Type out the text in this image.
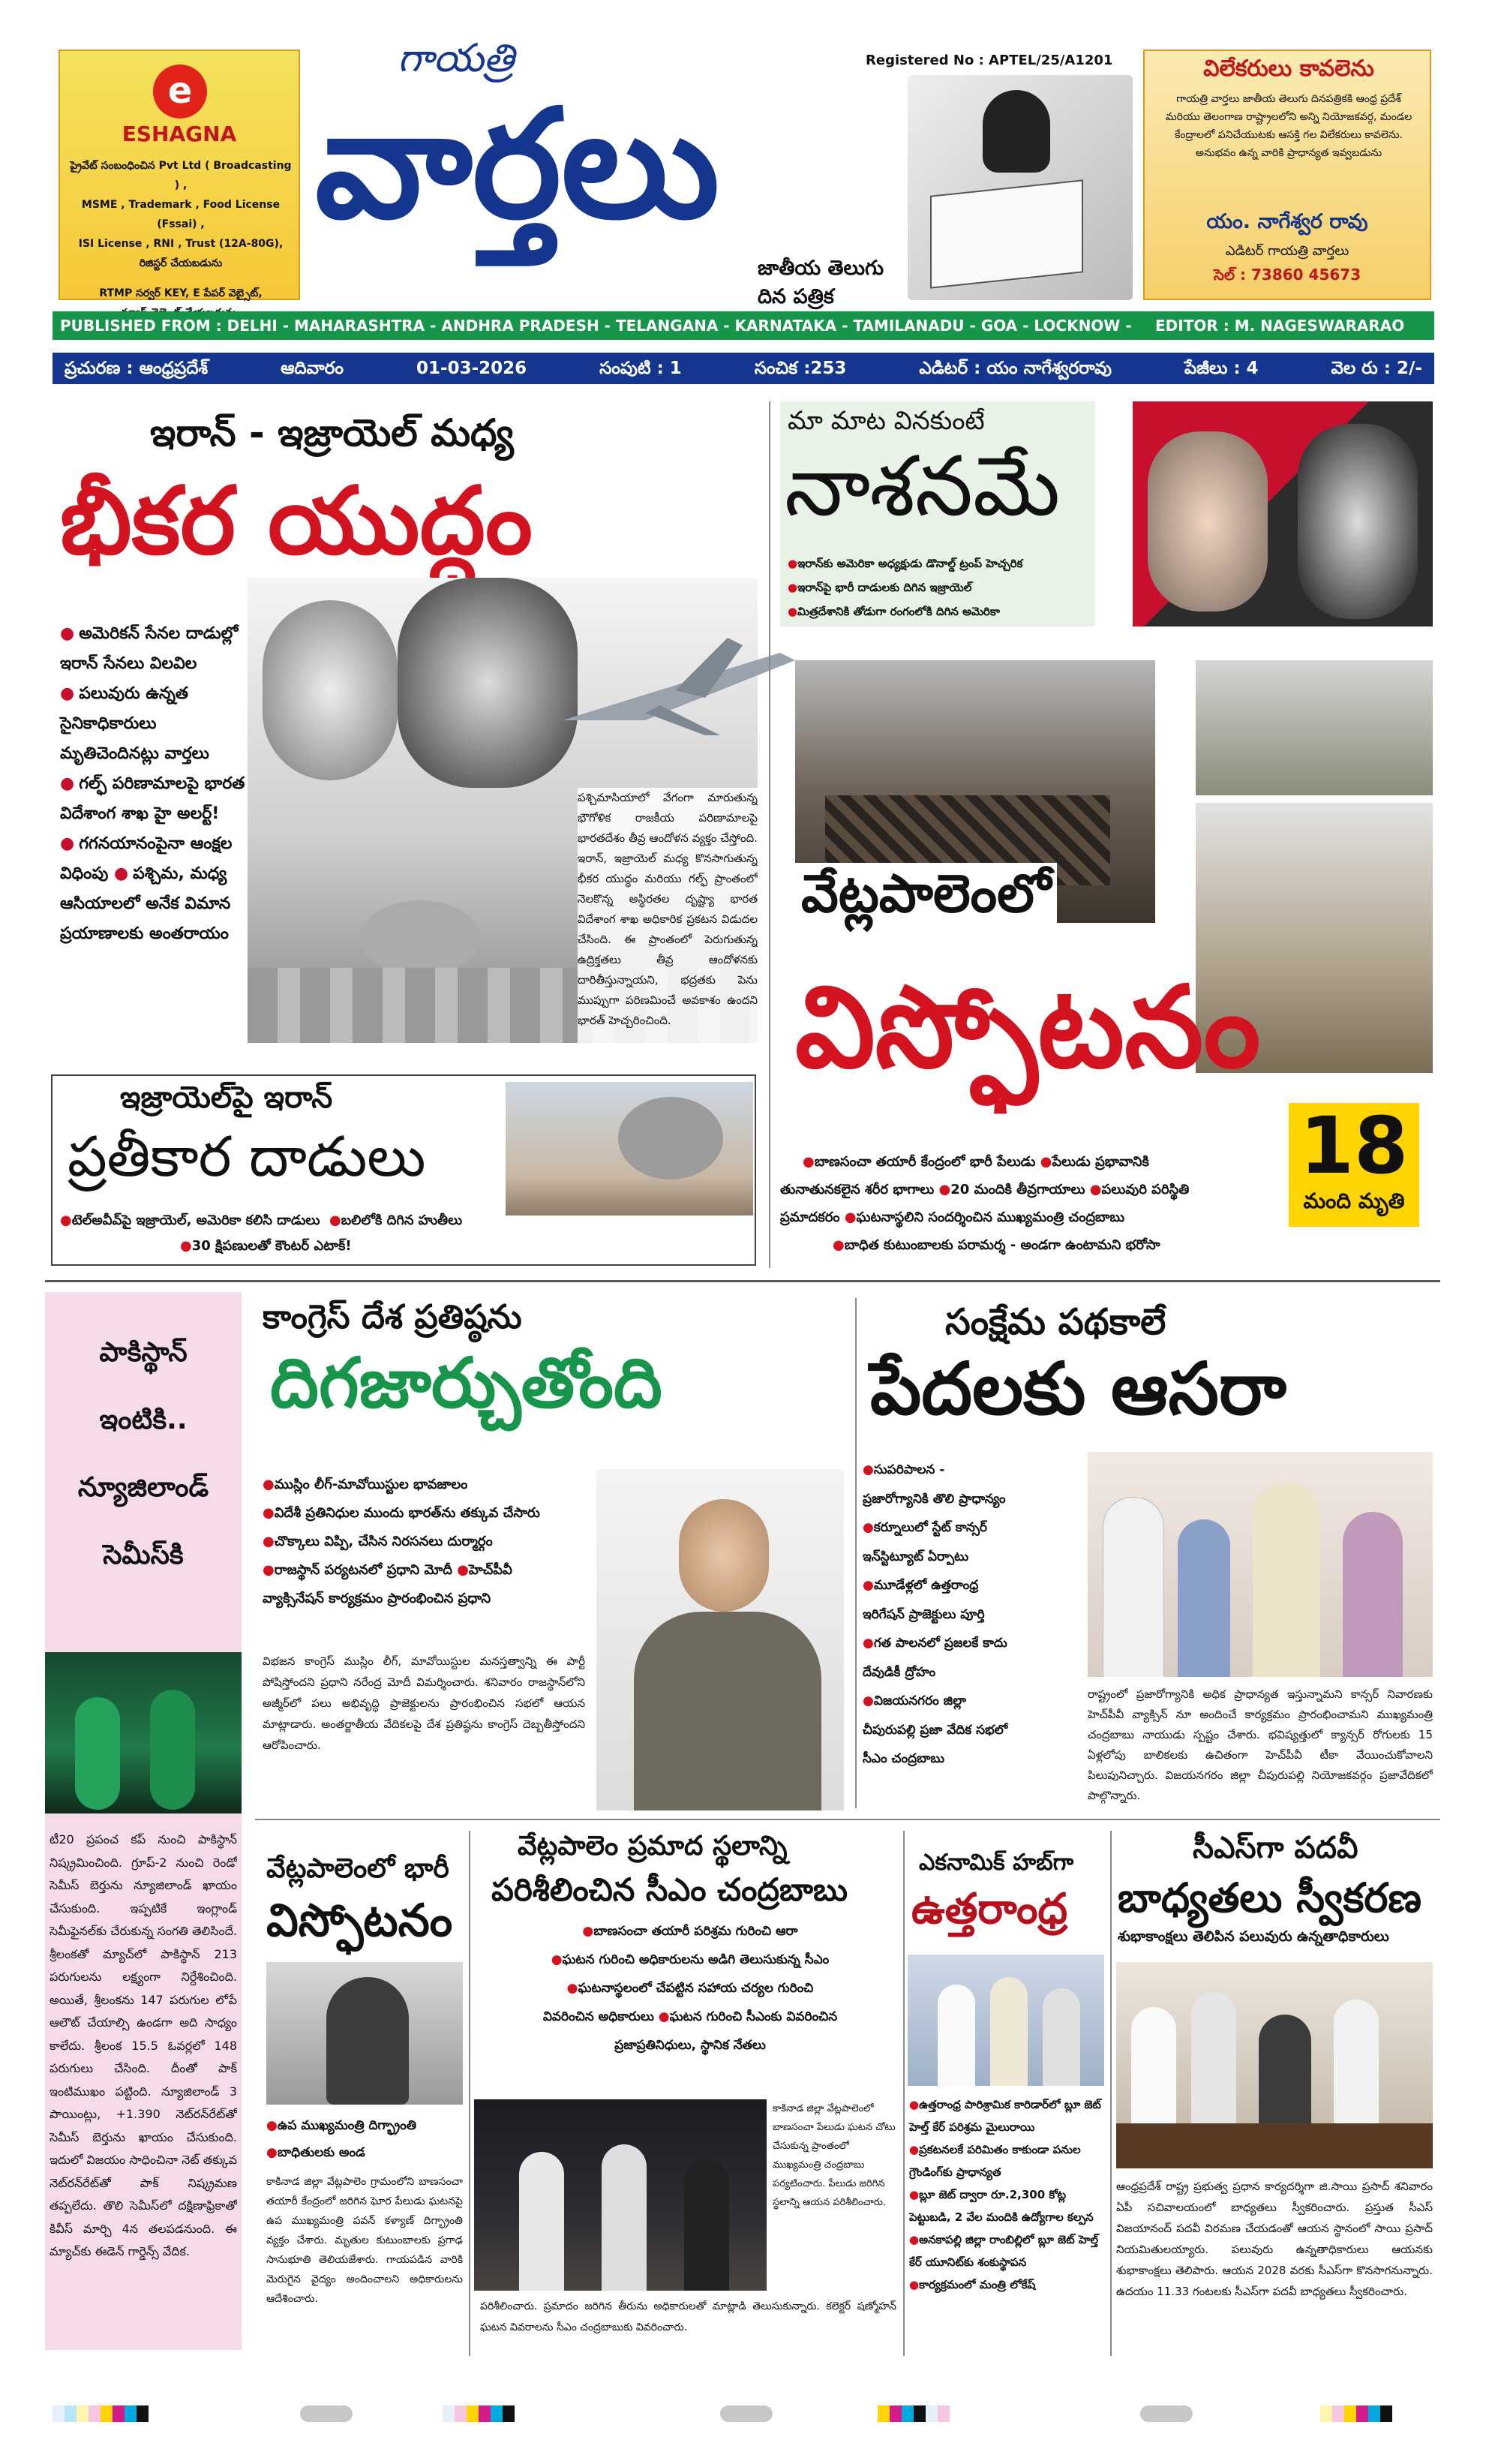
e
ESHAGNA
ప్రైవేట్ సంబంధించిన Pvt Ltd ( Broadcasting ) ,
MSME , Trademark , Food License (Fssai) ,
ISI License , RNI , Trust (12A-80G),
రిజిస్టర్ చేయబడును
RTMP సర్వర్ KEY, E పేపర్ వెబ్సైట్,
గాయత్రి
వార్తలు
జాతీయ తెలుగు దిన పత్రిక
Registered No : APTEL/25/A1201	విలేకరులు కావలెను
గాయత్రి వార్తలు జాతీయ తెలుగు దినపత్రికకి ఆంధ్ర ప్రదేశ్
మరియు తెలంగాణ రాష్ట్రాలలోని అన్ని నియోజకవర్గ, మండల
కేంద్రాలలో పనిచేయుటకు ఆసక్తి గల విలేకరులు కావలెను.
అనుభవం ఉన్న వారికి ప్రాధాన్యత ఇవ్వబడును
యం. నాగేశ్వర రావు
ఎడిటర్ గాయత్రి వార్తలు
సెల్ : 73860 45673
PUBLISHED FROM : DELHI - MAHARASHTRA - ANDHRA PRADESH - TELANGANA - KARNATAKA - TAMILANADU - GOA - LOCKNOW - EDITOR : M. NAGESWARARAO
ప్రచురణ : ఆంధ్రప్రదేశ్	ఆదివారం	01-03-2026	సంపుటి : 1	సంచిక :253	ఎడిటర్ : యం నాగేశ్వరరావు	పేజీలు : 4	వెల రు : 2/-
ఇరాన్ - ఇజ్రాయెల్ మధ్య
భీకర యుద్ధం
● అమెరికన్ సేనల దాడుల్లో
ఇరాన్ సేనలు విలవిల
● పలువురు ఉన్నత
సైనికాధికారులు
మృతిచెందినట్లు వార్తలు
● గల్ఫ్ పరిణామాలపై భారత
విదేశాంగ శాఖ హై అలర్ట్!
● గగనయానంపైనా ఆంక్షల
విధింపు ● పశ్చిమ, మధ్య
ఆసియాలలో అనేక విమాన
ప్రయాణాలకు అంతరాయం
పశ్చిమాసియాలో వేగంగా మారుతున్న భౌగోళిక రాజకీయ పరిణామాలపై భారతదేశం తీవ్ర ఆందోళన వ్యక్తం చేస్తోంది. ఇరాన్, ఇజ్రాయెల్ మధ్య కొనసాగుతున్న భీకర యుద్ధం మరియు గల్ఫ్ ప్రాంతంలో నెలకొన్న అస్థిరతల దృష్ట్యా భారత విదేశాంగ శాఖ అధికారిక ప్రకటన విడుదల చేసింది. ఈ ప్రాంతంలో పెరుగుతున్న ఉద్రిక్తతలు తీవ్ర ఆందోళనకు దారితీస్తున్నాయని, భద్రతకు పెను ముప్పుగా పరిణమించే అవకాశం ఉందని భారత్ హెచ్చరించింది.
ఇజ్రాయెల్‌పై ఇరాన్
ప్రతీకార దాడులు
●టెల్‌అవీవ్‌పై ఇజ్రాయెల్, అమెరికా కలిసి దాడులు ●బలిలోకి దిగిన హుతీలు
●30 క్షిపణులతో కౌంటర్ ఎటాక్!
మా మాట వినకుంటే
నాశనమే
●ఇరాన్‌కు అమెరికా అధ్యక్షుడు డొనాల్డ్ ట్రంప్ హెచ్చరిక
●ఇరాన్‌పై భారీ దాడులకు దిగిన ఇజ్రాయెల్
●మిత్రదేశానికి తోడుగా రంగంలోకి దిగిన అమెరికా
వేట్లపాలెంలో
విస్ఫోటనం
18
మంది మృతి
●బాణసంచా తయారీ కేంద్రంలో భారీ పేలుడు ●పేలుడు ప్రభావానికి
తునాతునకలైన శరీర భాగాలు ●20 మందికి తీవ్రగాయాలు ●పలువురి పరిస్థితి
ప్రమాదకరం ●ఘటనాస్థలిని సందర్శించిన ముఖ్యమంత్రి చంద్రబాబు
●బాధిత కుటుంబాలకు పరామర్శ - అండగా ఉంటామని భరోసా
పాకిస్థాన్
ఇంటికి..
న్యూజిలాండ్
సెమీస్‌కి
టీ20 ప్రపంచ కప్ నుంచి పాకిస్థాన్ నిష్క్రమించింది. గ్రూప్-2 నుంచి రెండో సెమీస్ బెర్తును న్యూజిలాండ్ ఖాయం చేసుకుంది. ఇప్పటికే ఇంగ్లాండ్ సెమీఫైనల్‌కు చేరుకున్న సంగతి తెలిసిందే. శ్రీలంకతో మ్యాచ్‌లో పాకిస్థాన్ 213 పరుగులను లక్ష్యంగా నిర్దేశించింది. అయితే, శ్రీలంకను 147 పరుగుల లోపే ఆలౌట్ చేయాల్సి ఉండగా అది సాధ్యం కాలేదు. శ్రీలంక 15.5 ఓవర్లలో 148 పరుగులు చేసింది. దీంతో పాక్ ఇంటిముఖం పట్టింది. న్యూజిలాండ్ 3 పాయింట్లు, +1.390 నెట్‌రన్‌రేట్‌తో సెమీస్ బెర్తును ఖాయం చేసుకుంది. ఇదులో విజయం సాధించినా నెట్ తక్కువ నెట్‌రన్‌రేట్‌తో పాక్ నిష్క్రమణ తప్పలేదు. తొలి సెమీస్‌లో దక్షిణాఫ్రికాతో కివీస్ మార్చి 4న తలపడనుంది. ఈ మ్యాచ్‌కు ఈడెన్ గార్డెన్స్ వేదిక.
కాంగ్రెస్ దేశ ప్రతిష్ఠను
దిగజార్చుతోంది
●ముస్లిం లీగ్-మావోయిస్టుల భావజాలం
●విదేశీ ప్రతినిధుల ముందు భారత్‌ను తక్కువ చేసారు
●చొక్కాలు విప్పి, చేసిన నిరసనలు దుర్మార్గం
●రాజస్థాన్ పర్యటనలో ప్రధాని మోదీ ●హెచ్‌పీవీ
వ్యాక్సినేషన్ కార్యక్రమం ప్రారంభించిన ప్రధాని
విభజన కాంగ్రెస్ ముస్లిం లీగ్, మావోయిస్టుల మనస్తత్వాన్ని ఈ పార్టీ పోషిస్తోందని ప్రధాని నరేంద్ర మోదీ విమర్శించారు. శనివారం రాజస్థాన్‌లోని అజ్మీర్‌లో పలు అభివృద్ధి ప్రాజెక్టులను ప్రారంభించిన సభలో ఆయన మాట్లాడారు. అంతర్జాతీయ వేదికలపై దేశ ప్రతిష్ఠను కాంగ్రెస్ దెబ్బతీస్తోందని ఆరోపించారు.
సంక్షేమ పథకాలే
పేదలకు ఆసరా
●సుపరిపాలన -
ప్రజారోగ్యానికి తొలి ప్రాధాన్యం
●కర్నూలులో స్టేట్ కాన్సర్
ఇన్‌స్టిట్యూట్ ఏర్పాటు
●మూడేళ్లలో ఉత్తరాంధ్ర
ఇరిగేషన్ ప్రాజెక్టులు పూర్తి
●గత పాలనలో ప్రజలకే కాదు
దేవుడికీ ద్రోహం
●విజయనగరం జిల్లా
చీపురుపల్లి ప్రజా వేదిక సభలో
సీఎం చంద్రబాబు
రాష్ట్రంలో ప్రజారోగ్యానికి అధిక ప్రాధాన్యత ఇస్తున్నామని కాన్సర్ నివారణకు హెచ్‌పీవీ వ్యాక్సిన్ నూ అందించే కార్యక్రమం ప్రారంభించామని ముఖ్యమంత్రి చంద్రబాబు నాయుడు స్పష్టం చేశారు. భవిష్యత్తులో క్యాన్సర్ రోగులకు 15 ఏళ్లలోపు బాలికలకు ఉచితంగా హెచ్‌పీవీ టీకా వేయించుకోవాలని పిలుపునిచ్చారు. విజయనగరం జిల్లా చీపురుపల్లి నియోజకవర్గం ప్రజావేదికలో పాల్గొన్నారు.
వేట్లపాలెంలో భారీ
విస్ఫోటనం
●ఉప ముఖ్యమంత్రి దిగ్భ్రాంతి
●బాధితులకు అండ
కాకినాడ జిల్లా వేట్లపాలెం గ్రామంలోని బాణసంచా తయారీ కేంద్రంలో జరిగిన ఘోర పేలుడు ఘటనపై ఉప ముఖ్యమంత్రి పవన్ కళ్యాణ్ దిగ్భ్రాంతి వ్యక్తం చేశారు. మృతుల కుటుంబాలకు ప్రగాఢ సానుభూతి తెలియజేశారు. గాయపడిన వారికి మెరుగైన వైద్యం అందించాలని అధికారులను ఆదేశించారు.
వేట్లపాలెం ప్రమాద స్థలాన్ని
పరిశీలించిన సీఎం చంద్రబాబు
●బాణసంచా తయారీ పరిశ్రమ గురించి ఆరా
●ఘటన గురించి అధికారులను అడిగి తెలుసుకున్న సీఎం
●ఘటనాస్థలంలో చేపట్టిన సహాయ చర్యల గురించి
వివరించిన అధికారులు ●ఘటన గురించి సీఎంకు వివరించిన
ప్రజాప్రతినిధులు, స్థానిక నేతలు
కాకినాడ జిల్లా వేట్లపాలెంలో బాణసంచా పేలుడు ఘటన చోటు చేసుకున్న ప్రాంతంలో ముఖ్యమంత్రి చంద్రబాబు పర్యటించారు. పేలుడు జరిగిన స్థలాన్ని ఆయన పరిశీలించారు.
పరిశీలించారు. ప్రమాదం జరిగిన తీరును అధికారులతో మాట్లాడి తెలుసుకున్నారు. కలెక్టర్ షణ్మోహన్ ఘటన వివరాలను సీఎం చంద్రబాబుకు వివరించారు.
ఎకనామిక్ హబ్‌గా
ఉత్తరాంధ్ర
●ఉత్తరాంధ్ర పారిశ్రామిక కారిడార్‌లో బ్లూ జెట్ హెల్త్ కేర్ పరిశ్రమ మైలురాయి
●ప్రకటనలకే పరిమితం కాకుండా పనుల గ్రౌండింగ్‌కు ప్రాధాన్యత
●బ్లూ జెట్ ద్వారా రూ.2,300 కోట్ల పెట్టుబడి, 2 వేల మందికి ఉద్యోగాల కల్పన
●అనకాపల్లి జిల్లా రాంబిల్లిలో బ్లూ జెట్ హెల్త్ కేర్ యూనిట్‌కు శంకుస్థాపన
●కార్యక్రమంలో మంత్రి లోకేష్
సీఎస్‌గా పదవీ
బాధ్యతలు స్వీకరణ
శుభాకాంక్షలు తెలిపిన పలువురు ఉన్నతాధికారులు
ఆంధ్రప్రదేశ్ రాష్ట్ర ప్రభుత్వ ప్రధాన కార్యదర్శిగా జి.సాయి ప్రసాద్ శనివారం ఏపీ సచివాలయంలో బాధ్యతలు స్వీకరించారు. ప్రస్తుత సీఎస్ విజయానంద్ పదవీ విరమణ చేయడంతో ఆయన స్థానంలో సాయి ప్రసాద్ నియమితులయ్యారు. పలువురు ఉన్నతాధికారులు ఆయనకు శుభాకాంక్షలు తెలిపారు. ఆయన 2028 వరకు సీఎస్‌గా కొనసాగనున్నారు. ఉదయం 11.33 గంటలకు సీఎస్‌గా పదవీ బాధ్యతలు స్వీకరించారు.
